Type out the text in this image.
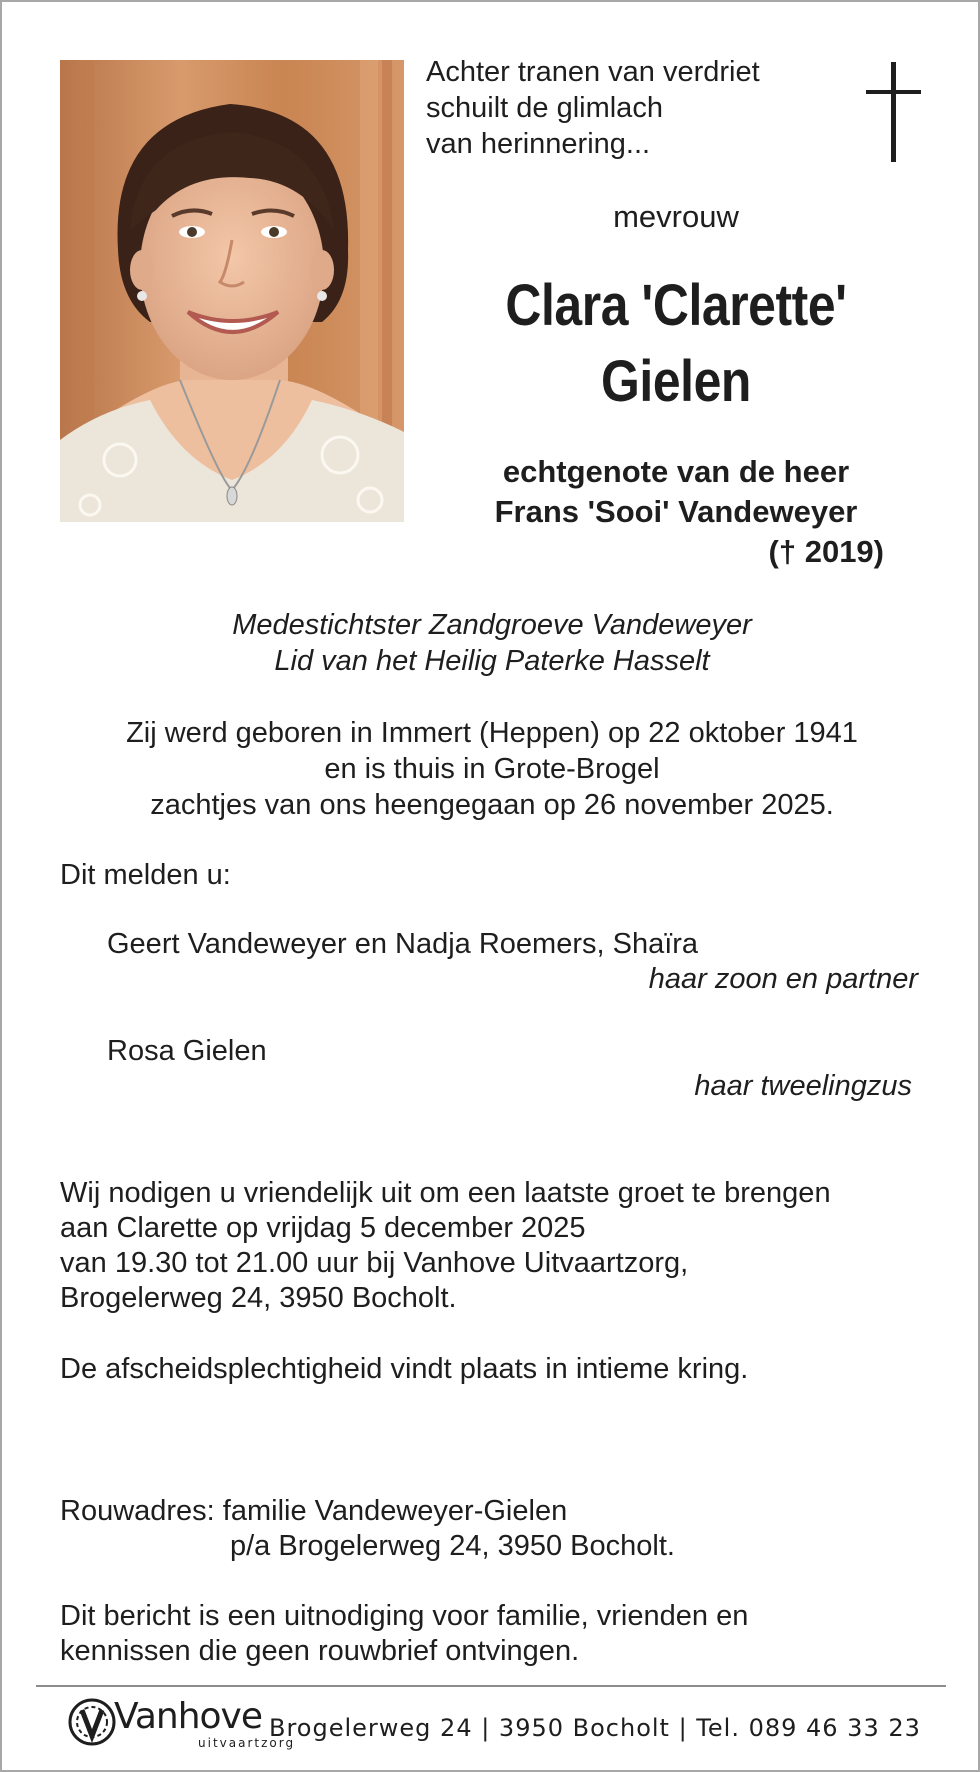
Achter tranen van verdriet
schuilt de glimlach
van herinnering...
mevrouw
Clara 'Clarette'
Gielen
echtgenote van de heer
Frans 'Sooi' Vandeweyer
(† 2019)
Medestichtster Zandgroeve Vandeweyer
Lid van het Heilig Paterke Hasselt
Zij werd geboren in Immert (Heppen) op 22 oktober 1941
en is thuis in Grote-Brogel
zachtjes van ons heengegaan op 26 november 2025.
Dit melden u:
Geert Vandeweyer en Nadja Roemers, Shaïra
haar zoon en partner
Rosa Gielen
haar tweelingzus
Wij nodigen u vriendelijk uit om een laatste groet te brengen
aan Clarette op vrijdag 5 december 2025
van 19.30 tot 21.00 uur bij Vanhove Uitvaartzorg,
Brogelerweg 24, 3950 Bocholt.
De afscheidsplechtigheid vindt plaats in intieme kring.
Rouwadres: familie Vandeweyer-Gielen
p/a Brogelerweg 24, 3950 Bocholt.
Dit bericht is een uitnodiging voor familie, vrienden en
kennissen die geen rouwbrief ontvingen.
Vanhove
uitvaartzorg
Brogelerweg 24 | 3950 Bocholt | Tel. 089 46 33 23
